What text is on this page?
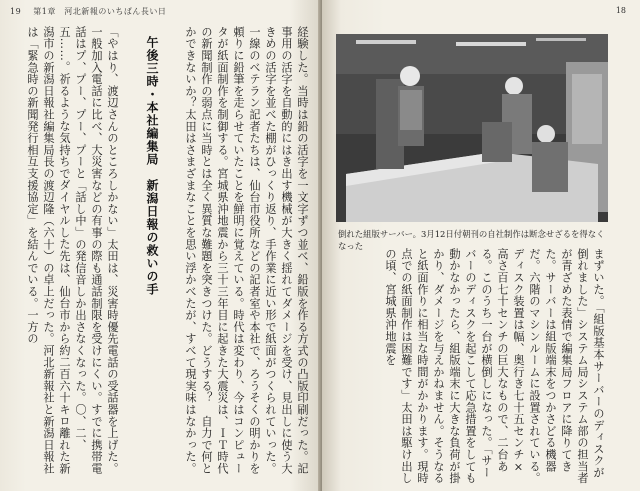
19 第1章　河北新報のいちばん長い日
経験した。当時は鉛の活字を一文字ずつ並べ、鉛版を作る方式の凸版印刷だった。記事用の活字を自動的にはき出す機械が大きく揺れてダメージを受け、見出しに使う大きめの活字を並べた棚がひっくり返り、手作業に近い形で紙面がつくられていった。一線のベテラン記者たちは、仙台市役所などの記者室や本社で、ろうそくの明かりを頼りに鉛筆を走らせていたことを鮮明に覚えている。時代は変わり、今はコンピュータが紙面制作を制御する。宮城県沖地震から三十三年目に起きた大震災は、ＩＴ時代の新聞制作の弱点に当時とは全く異質な難題を突きつけた。どうする？　自力で何とかできないか？太田はさまざまなことを思い浮かべたが、すべて現実味はなかった。
午後三時・本社編集局　新潟日報の救いの手
「やはり、渡辺さんのところしかない」太田は、災害時優先電話の受話器を上げた。一般加入電話に比べ、大災害などの有事の際も通話制限を受けにくい。すでに携帯電話はプ、プー、プー、プーと「話し中」の発信音しか出さなくなった。〇、二、五……。祈るような気持ちでダイヤルした先は、仙台市から約二百六十キロ離れた新潟市の新潟日報社編集局長の渡辺隆（六十）の卓上だった。河北新報社と新潟日報社は「緊急時の新聞発行相互支援協定」を結んでいる。一方の
18
倒れた組版サーバー。3月12日付朝刊の自社制作は断念せざるを得なくなった
まずいた。「組版基本サーバーのディスクが倒れました」システム局システム部の担当者が青ざめた表情で編集局フロアに降りてきた。サーバーは組版端末をつかさどる機器だ。六階のマシンルームに設置されている。ディスク装置は幅、奥行き七十五センチ×高さ百七十センチの巨大なもので、二台ある。このうち一台が横倒しになった。「サーバーのディスクを起こして応急措置をしても動かなかったら、組版端末に大きな負荷が掛かり、ダメージを与えかねません。そうなると紙面作りに相当な時間がかかります。現時点での紙面制作は困難です」太田は駆け出しの頃、宮城県沖地震を
